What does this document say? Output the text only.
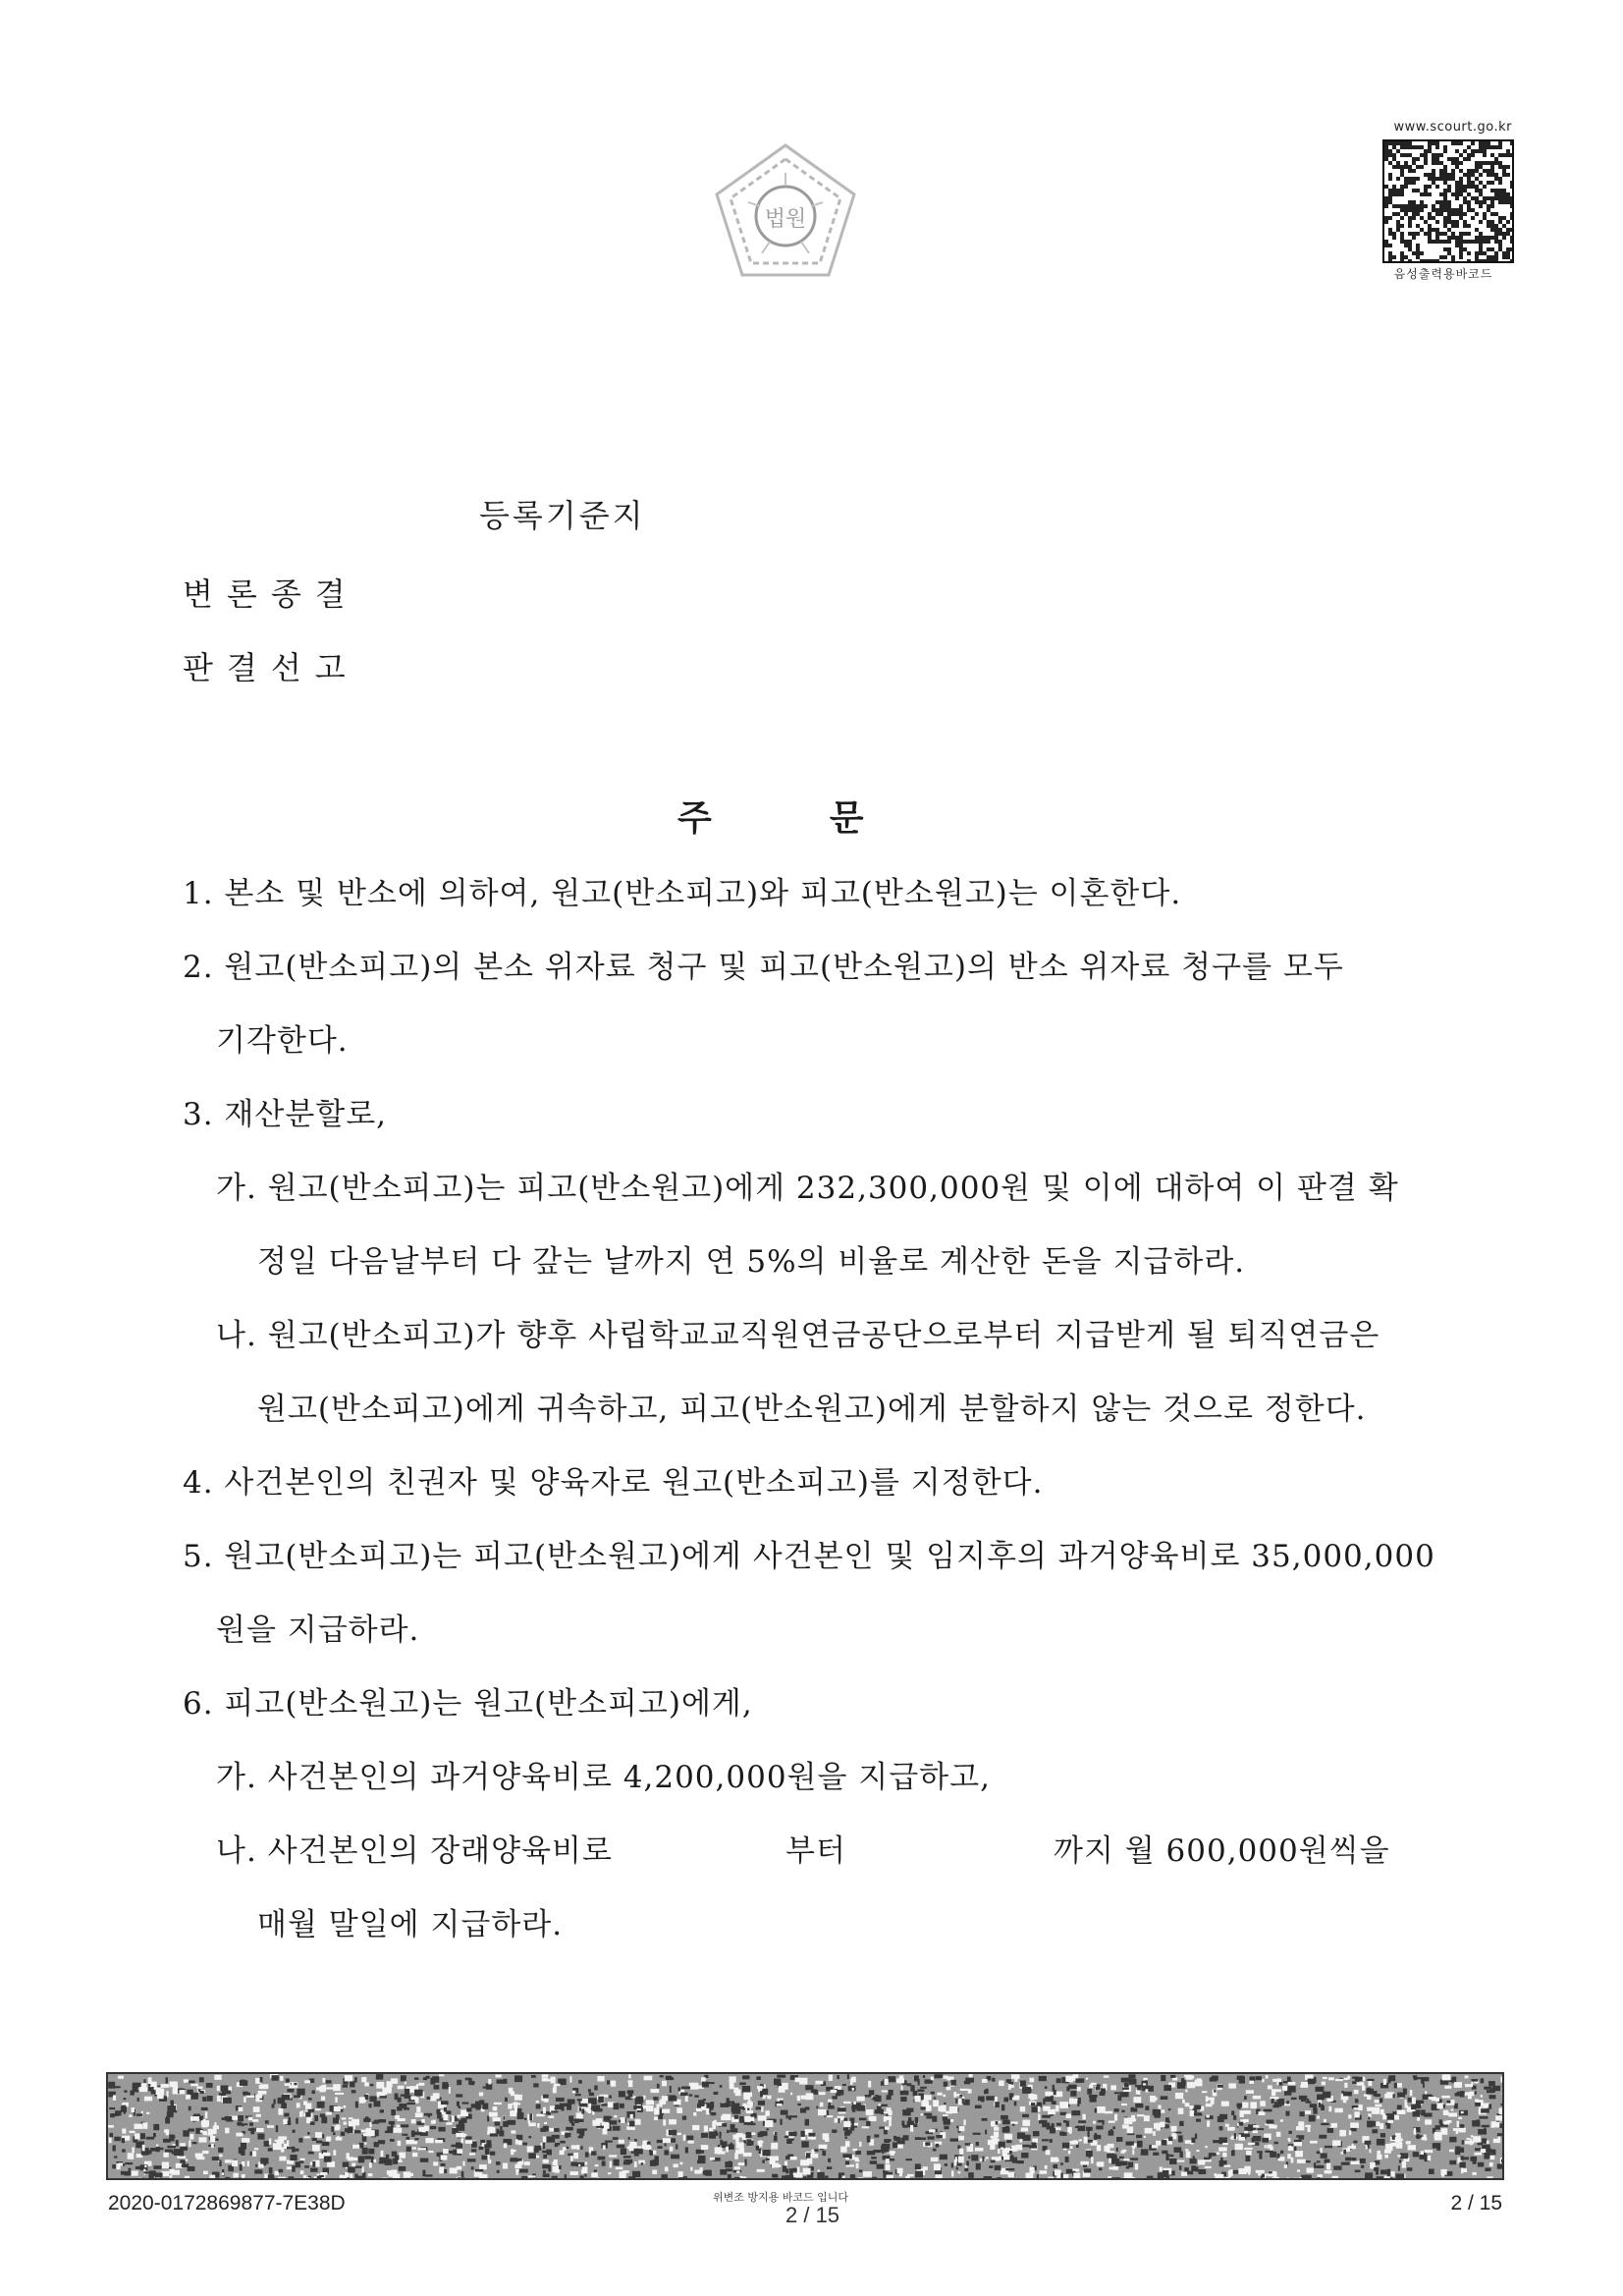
법원
www.scourt.go.kr
음성출력용바코드
등록기준지
변론종결
판결선고
주	문
1. 본소 및 반소에 의하여, 원고(반소피고)와 피고(반소원고)는 이혼한다.
2. 원고(반소피고)의 본소 위자료 청구 및 피고(반소원고)의 반소 위자료 청구를 모두
기각한다.
3. 재산분할로,
가. 원고(반소피고)는 피고(반소원고)에게 232,300,000원 및 이에 대하여 이 판결 확
정일 다음날부터 다 갚는 날까지 연 5%의 비율로 계산한 돈을 지급하라.
나. 원고(반소피고)가 향후 사립학교교직원연금공단으로부터 지급받게 될 퇴직연금은
원고(반소피고)에게 귀속하고, 피고(반소원고)에게 분할하지 않는 것으로 정한다.
4. 사건본인의 친권자 및 양육자로 원고(반소피고)를 지정한다.
5. 원고(반소피고)는 피고(반소원고)에게 사건본인 및 임지후의 과거양육비로 35,000,000
원을 지급하라.
6. 피고(반소원고)는 원고(반소피고)에게,
가. 사건본인의 과거양육비로 4,200,000원을 지급하고,
나. 사건본인의 장래양육비로	부터	까지 월 600,000원씩을
매월 말일에 지급하라.
2020-0172869877-7E38D	위변조 방지용 바코드 입니다
2 / 15	2 / 15
